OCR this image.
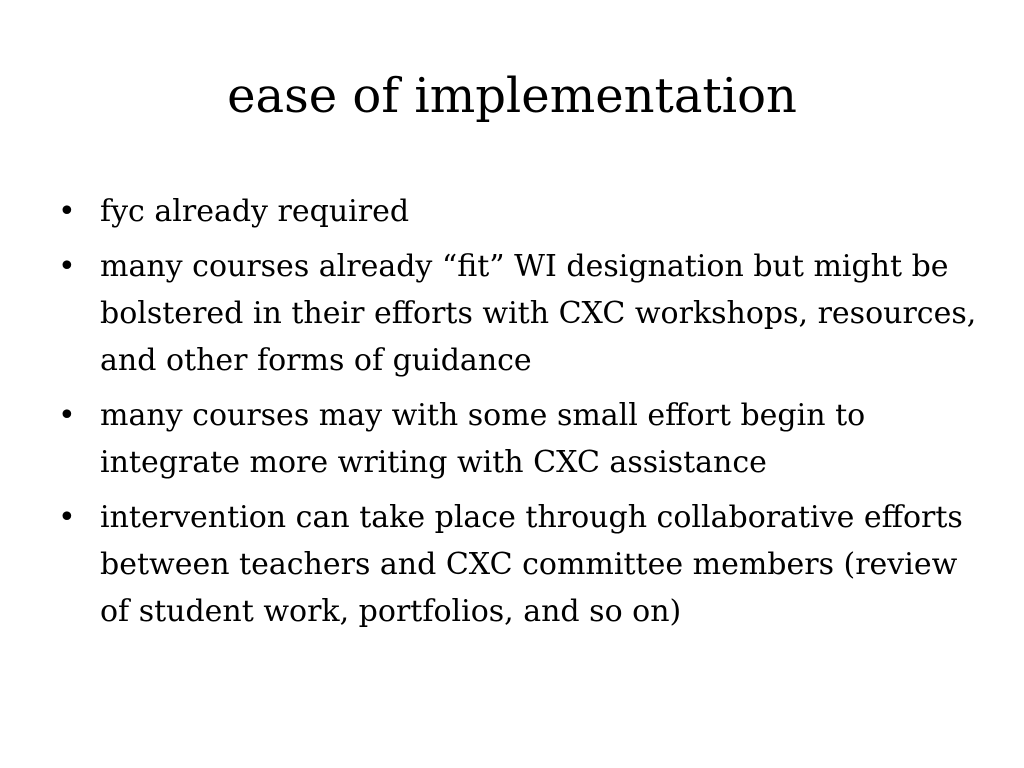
ease of implementation
• fyc already required
• many courses already “fit” WI designation but might be bolstered in their efforts with CXC workshops, resources, and other forms of guidance
• many courses may with some small effort begin to integrate more writing with CXC assistance
• intervention can take place through collaborative efforts between teachers and CXC committee members (review of student work, portfolios, and so on)
